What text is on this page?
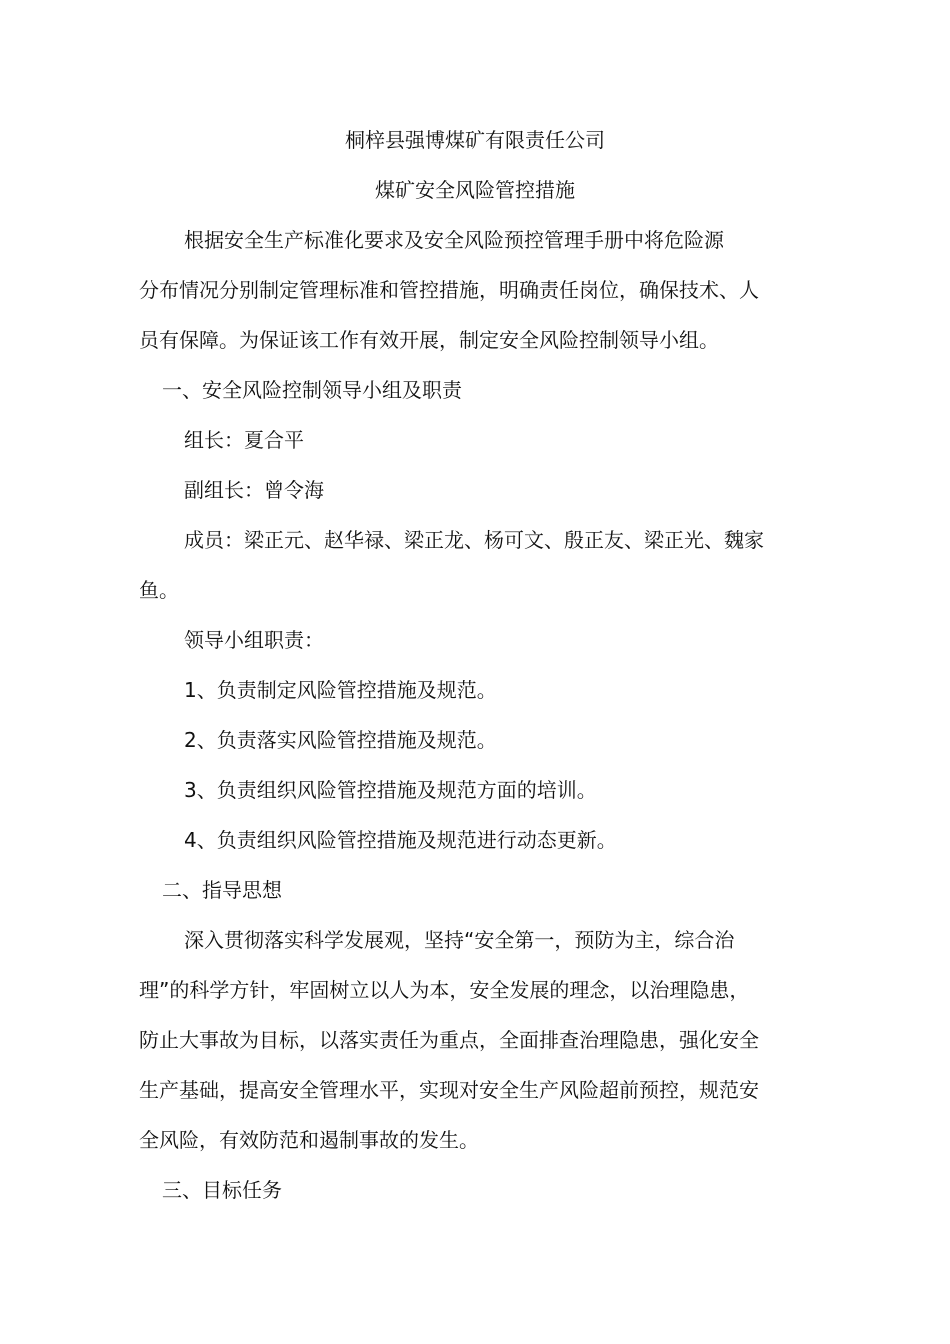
桐梓县强博煤矿有限责任公司
煤矿安全风险管控措施
根据安全生产标准化要求及安全风险预控管理手册中将危险源
分布情况分别制定管理标准和管控措施，明确责任岗位，确保技术、人
员有保障。为保证该工作有效开展，制定安全风险控制领导小组。
一、安全风险控制领导小组及职责
组长：夏合平
副组长：曾令海
成员：梁正元、赵华禄、梁正龙、杨可文、殷正友、梁正光、魏家
鱼。
领导小组职责：
1、负责制定风险管控措施及规范。
2、负责落实风险管控措施及规范。
3、负责组织风险管控措施及规范方面的培训。
4、负责组织风险管控措施及规范进行动态更新。
二、指导思想
深入贯彻落实科学发展观，坚持“安全第一，预防为主，综合治
理”的科学方针，牢固树立以人为本，安全发展的理念，以治理隐患，
防止大事故为目标，以落实责任为重点，全面排查治理隐患，强化安全
生产基础，提高安全管理水平，实现对安全生产风险超前预控，规范安
全风险，有效防范和遏制事故的发生。
三、目标任务
